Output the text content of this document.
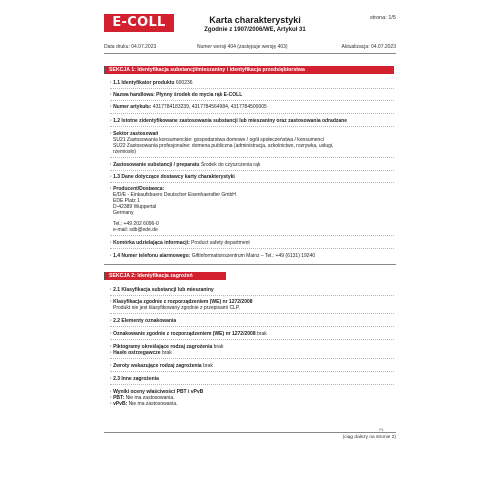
E-COLL	Karta charakterystyki
Zgodnie z 1907/2006/WE, Artykuł 31
strona: 1/5
Data druku: 04.07.2023	Numer wersji 404 (zastępuje wersję 403)	Aktualizacja: 04.07.2023
SEKCJA 1: Identyfikacja substancji/mieszaniny i identyfikacja przedsiębiorstwa
· 1.1 Identyfikator produktu 600236
· Nazwa handlowa: Płynny środek do mycia rąk E-COLL
· Numer artykułu: 4317784183239, 4317784564984, 4317784500005
· 1.2 Istotne zidentyfikowane zastosowania substancji lub mieszaniny oraz zastosowania odradzane
· Sektor zastosowań
SU21 Zastosowania konsumenckie: gospodarstwa domowe / ogół społeczeństwa / konsumenci
SU22 Zastosowania profesjonalne: domena publiczna (administracja, szkolnictwo, rozrywka, usługi,
rzemiosło)
· Zastosowanie substancji / preparatu Środek do czyszczenia rąk
· 1.3 Dane dotyczące dostawcy karty charakterystyki
· Producent/Dostawca:
E/D/E - Einkaufsbuero Deutscher Eisenhaendler GmbH
EDE Platz 1
D-42389 Wuppertal
Germany
Tel.: +49 202 6096-0
e-mail: sdb@ede.de
· Komórka udzielająca informacji: Product safety department
· 1.4 Numer telefonu alarmowego: Giftinformationszentrum Mainz – Tel.: +49 (6131) 19240
SEKCJA 2: Identyfikacja zagrożeń
· 2.1 Klasyfikacja substancji lub mieszaniny
· Klasyfikacja zgodnie z rozporządzeniem (WE) nr 1272/2008
Produkt nie jest klasyfikowany zgodnie z przepisami CLP.
· 2.2 Elementy oznakowania
· Oznakowanie zgodnie z rozporządzeniem (WE) nr 1272/2008 brak
· Piktogramy określające rodzaj zagrożenia brak
· Hasło ostrzegawcze brak
· Zwroty wskazujące rodzaj zagrożenia brak
· 2.3 Inne zagrożenia
· Wyniki oceny właściwości PBT i vPvB
· PBT: Nie ma zastosowania.
· vPvB: Nie ma zastosowania.
PL
(ciąg dalszy na stronie 2)
